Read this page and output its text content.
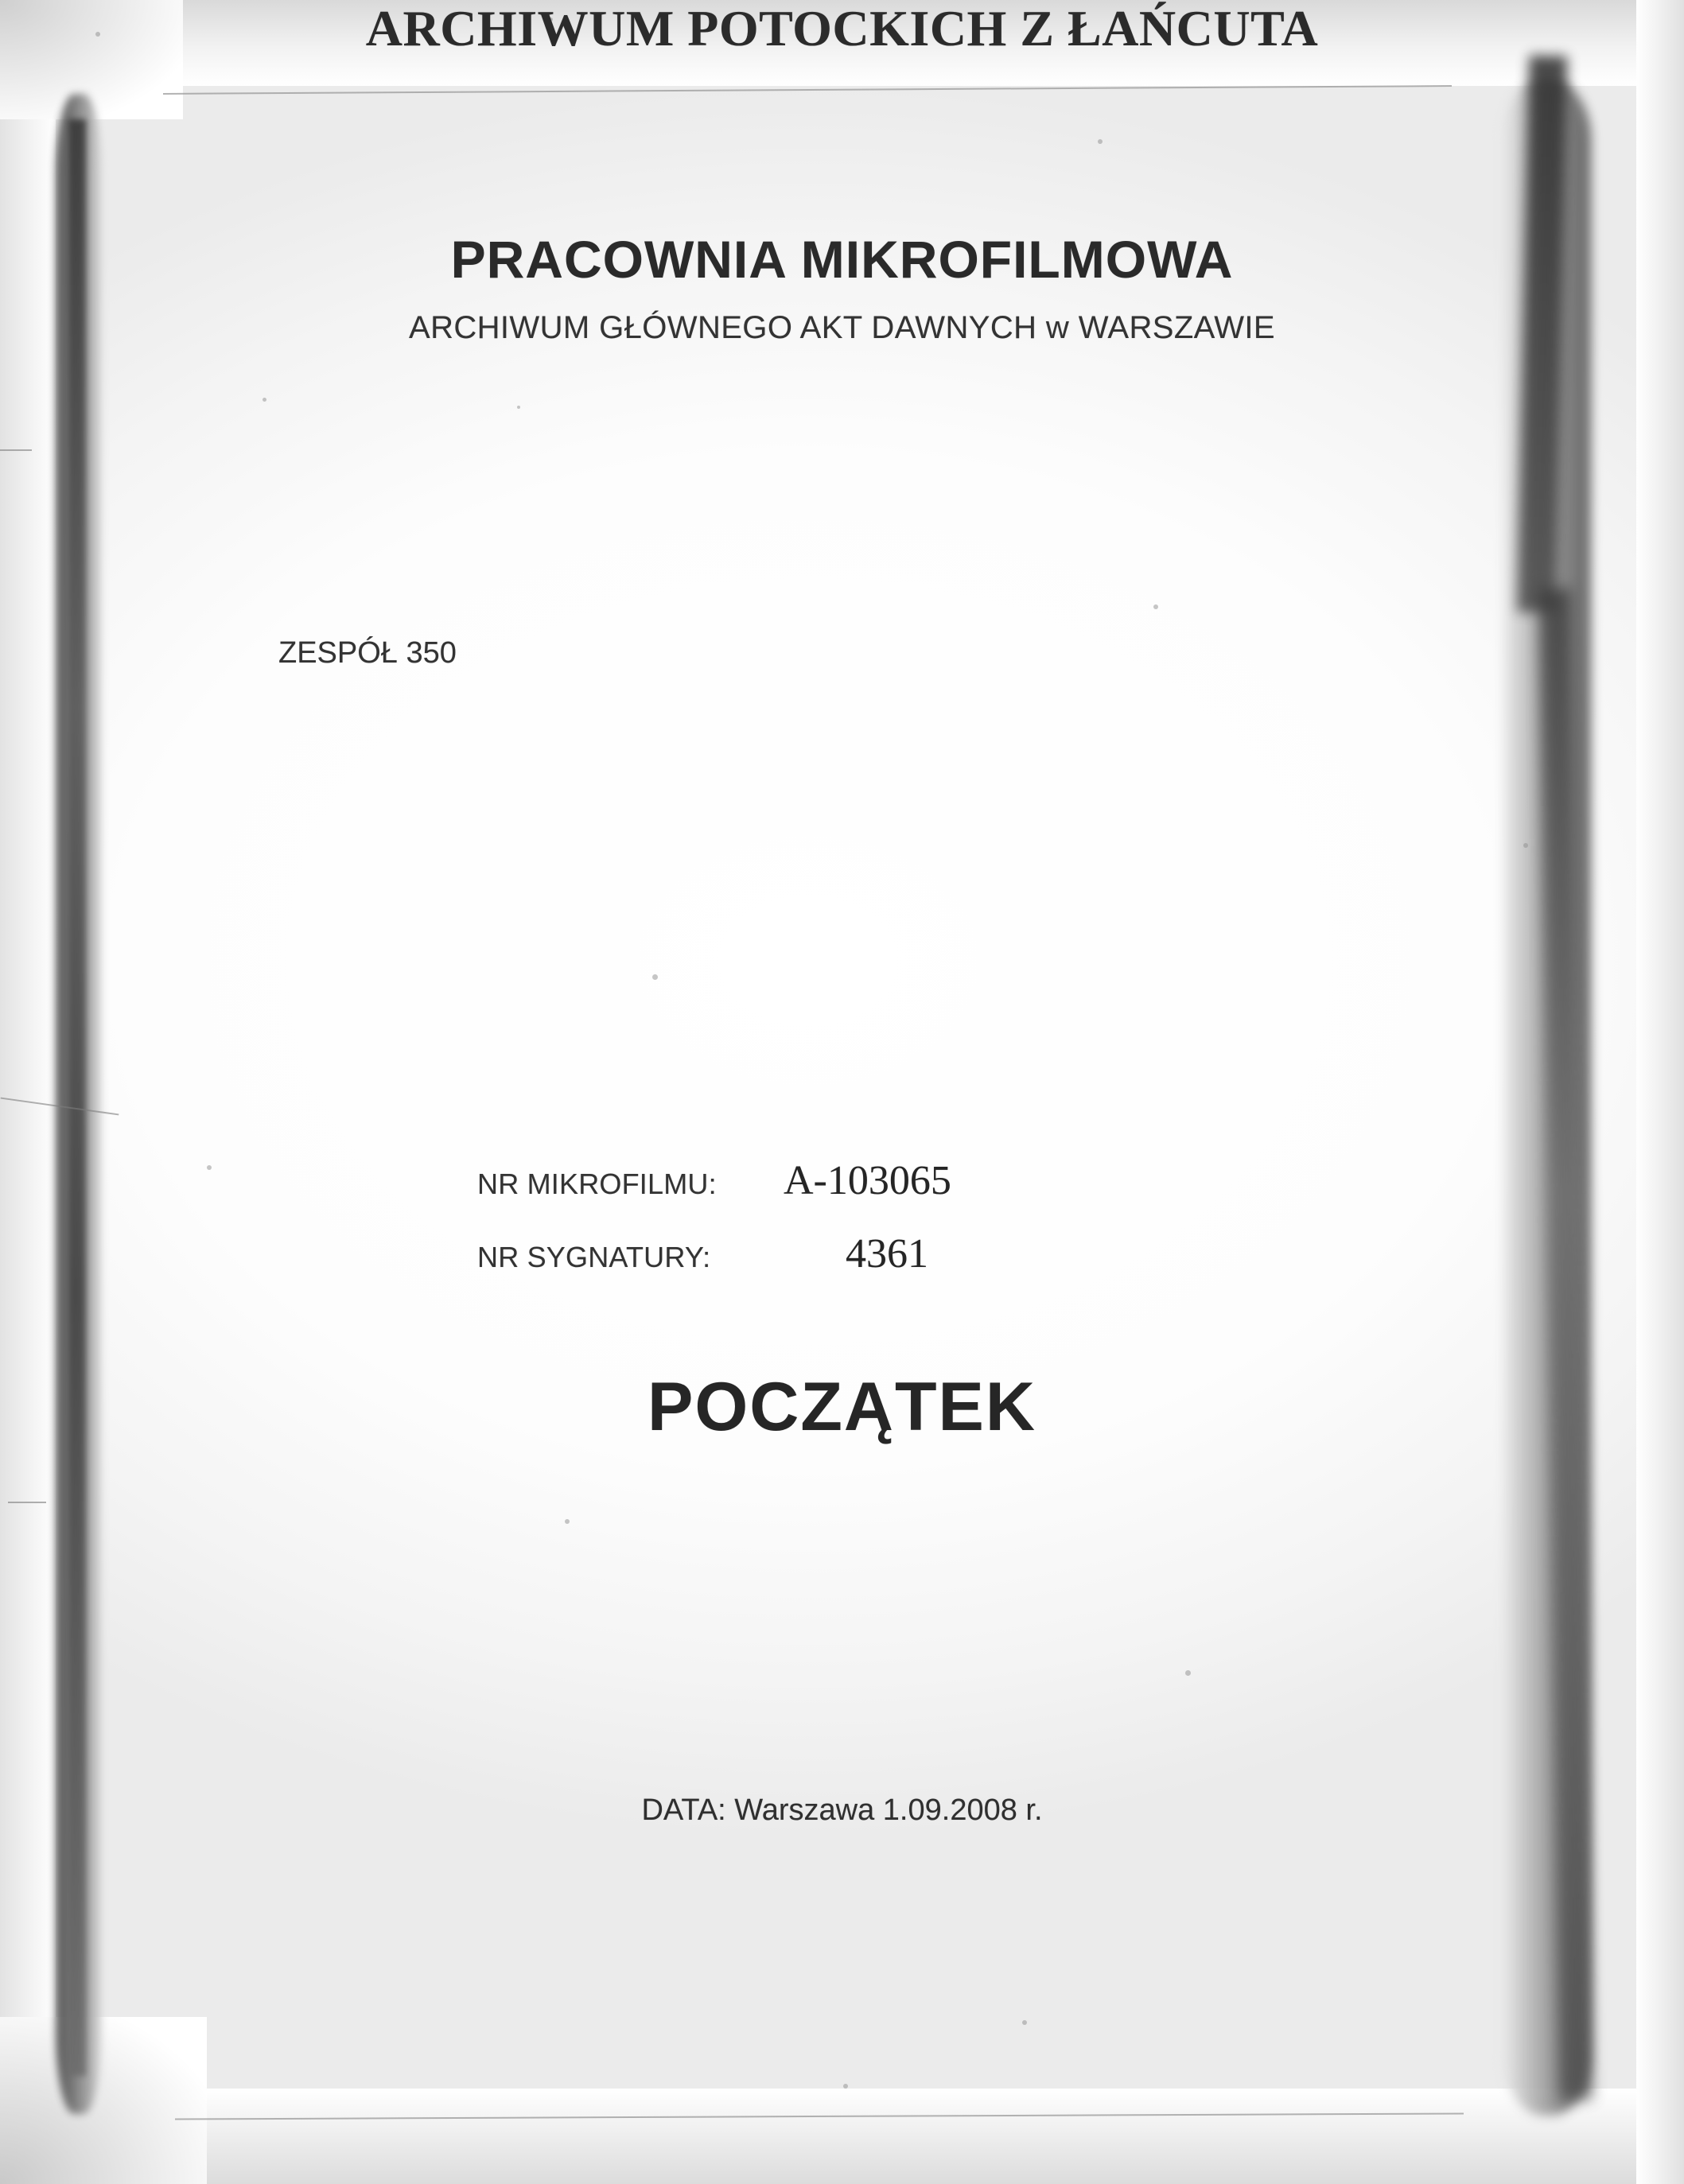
PRACOWNIA MIKROFILMOWA
ARCHIWUM GŁÓWNEGO AKT DAWNYCH w WARSZAWIE
ZESPÓŁ 350
ARCHIWUM POTOCKICH Z ŁAŃCUTA
NR MIKROFILMU:	A-103065
NR SYGNATURY:	4361
POCZĄTEK
DATA: Warszawa 1.09.2008 r.
